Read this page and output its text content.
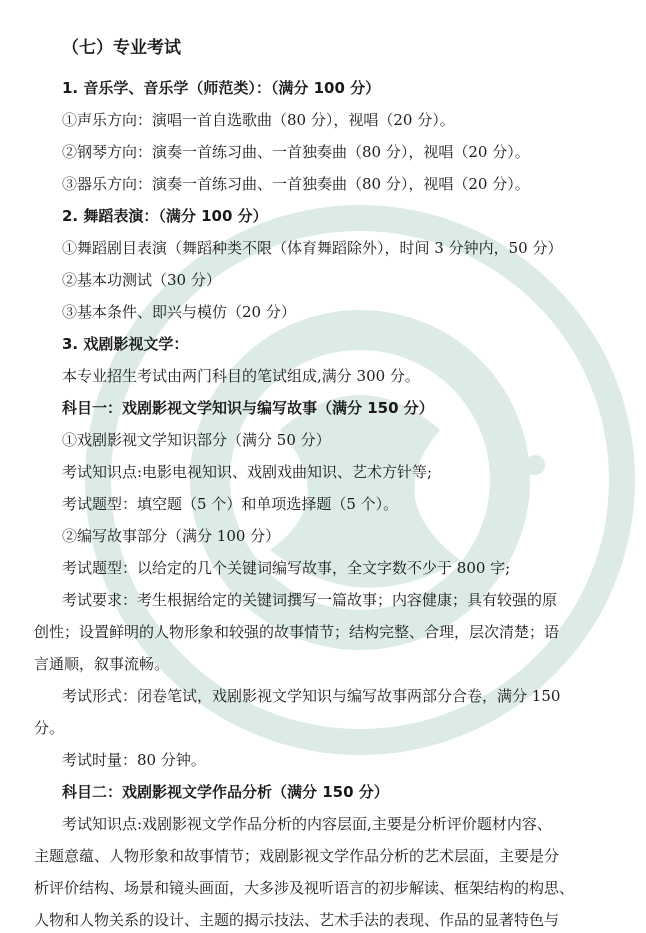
（七）专业考试
1. 音乐学、音乐学（师范类）：（满分 100 分）
①声乐方向：演唱一首自选歌曲（80 分），视唱（20 分）。
②钢琴方向：演奏一首练习曲、一首独奏曲（80 分），视唱（20 分）。
③器乐方向：演奏一首练习曲、一首独奏曲（80 分），视唱（20 分）。
2. 舞蹈表演：（满分 100 分）
①舞蹈剧目表演（舞蹈种类不限（体育舞蹈除外），时间 3 分钟内，50 分）
②基本功测试（30 分）
③基本条件、即兴与模仿（20 分）
3. 戏剧影视文学：
本专业招生考试由两门科目的笔试组成,满分 300 分。
科目一：戏剧影视文学知识与编写故事（满分 150 分）
①戏剧影视文学知识部分（满分 50 分）
考试知识点:电影电视知识、戏剧戏曲知识、艺术方针等;
考试题型：填空题（5 个）和单项选择题（5 个）。
②编写故事部分（满分 100 分）
考试题型：以给定的几个关键词编写故事，全文字数不少于 800 字;
考试要求：考生根据给定的关键词撰写一篇故事；内容健康；具有较强的原
创性；设置鲜明的人物形象和较强的故事情节；结构完整、合理，层次清楚；语
言通顺，叙事流畅。
考试形式：闭卷笔试，戏剧影视文学知识与编写故事两部分合卷，满分 150
分。
考试时量：80 分钟。
科目二：戏剧影视文学作品分析（满分 150 分）
考试知识点:戏剧影视文学作品分析的内容层面,主要是分析评价题材内容、
主题意蕴、人物形象和故事情节；戏剧影视文学作品分析的艺术层面，主要是分
析评价结构、场景和镜头画面，大多涉及视听语言的初步解读、框架结构的构思、
人物和人物关系的设计、主题的揭示技法、艺术手法的表现、作品的显著特色与
